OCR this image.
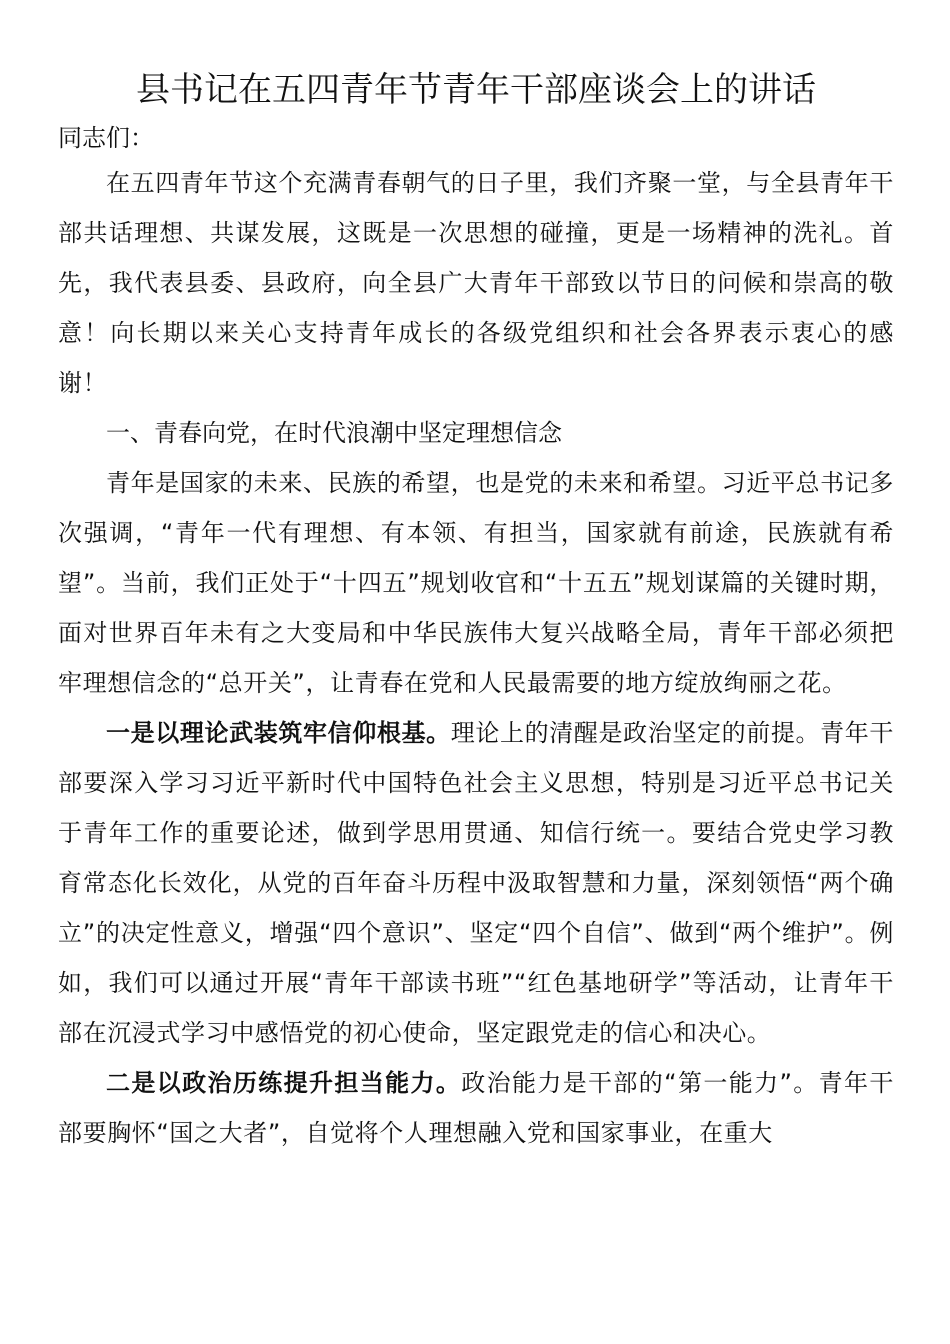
县书记在五四青年节青年干部座谈会上的讲话

同志们：

在五四青年节这个充满青春朝气的日子里，我们齐聚一堂，与全县青年干部共话理想、共谋发展，这既是一次思想的碰撞，更是一场精神的洗礼。首先，我代表县委、县政府，向全县广大青年干部致以节日的问候和崇高的敬意！向长期以来关心支持青年成长的各级党组织和社会各界表示衷心的感谢！

一、青春向党，在时代浪潮中坚定理想信念

青年是国家的未来、民族的希望，也是党的未来和希望。习近平总书记多次强调，“青年一代有理想、有本领、有担当，国家就有前途，民族就有希望”。当前，我们正处于“十四五”规划收官和“十五五”规划谋篇的关键时期，面对世界百年未有之大变局和中华民族伟大复兴战略全局，青年干部必须把牢理想信念的“总开关”，让青春在党和人民最需要的地方绽放绚丽之花。

一是以理论武装筑牢信仰根基。理论上的清醒是政治坚定的前提。青年干部要深入学习习近平新时代中国特色社会主义思想，特别是习近平总书记关于青年工作的重要论述，做到学思用贯通、知信行统一。要结合党史学习教育常态化长效化，从党的百年奋斗历程中汲取智慧和力量，深刻领悟“两个确立”的决定性意义，增强“四个意识”、坚定“四个自信”、做到“两个维护”。例如，我们可以通过开展“青年干部读书班”“红色基地研学”等活动，让青年干部在沉浸式学习中感悟党的初心使命，坚定跟党走的信心和决心。

二是以政治历练提升担当能力。政治能力是干部的“第一能力”。青年干部要胸怀“国之大者”，自觉将个人理想融入党和国家事业，在重大
